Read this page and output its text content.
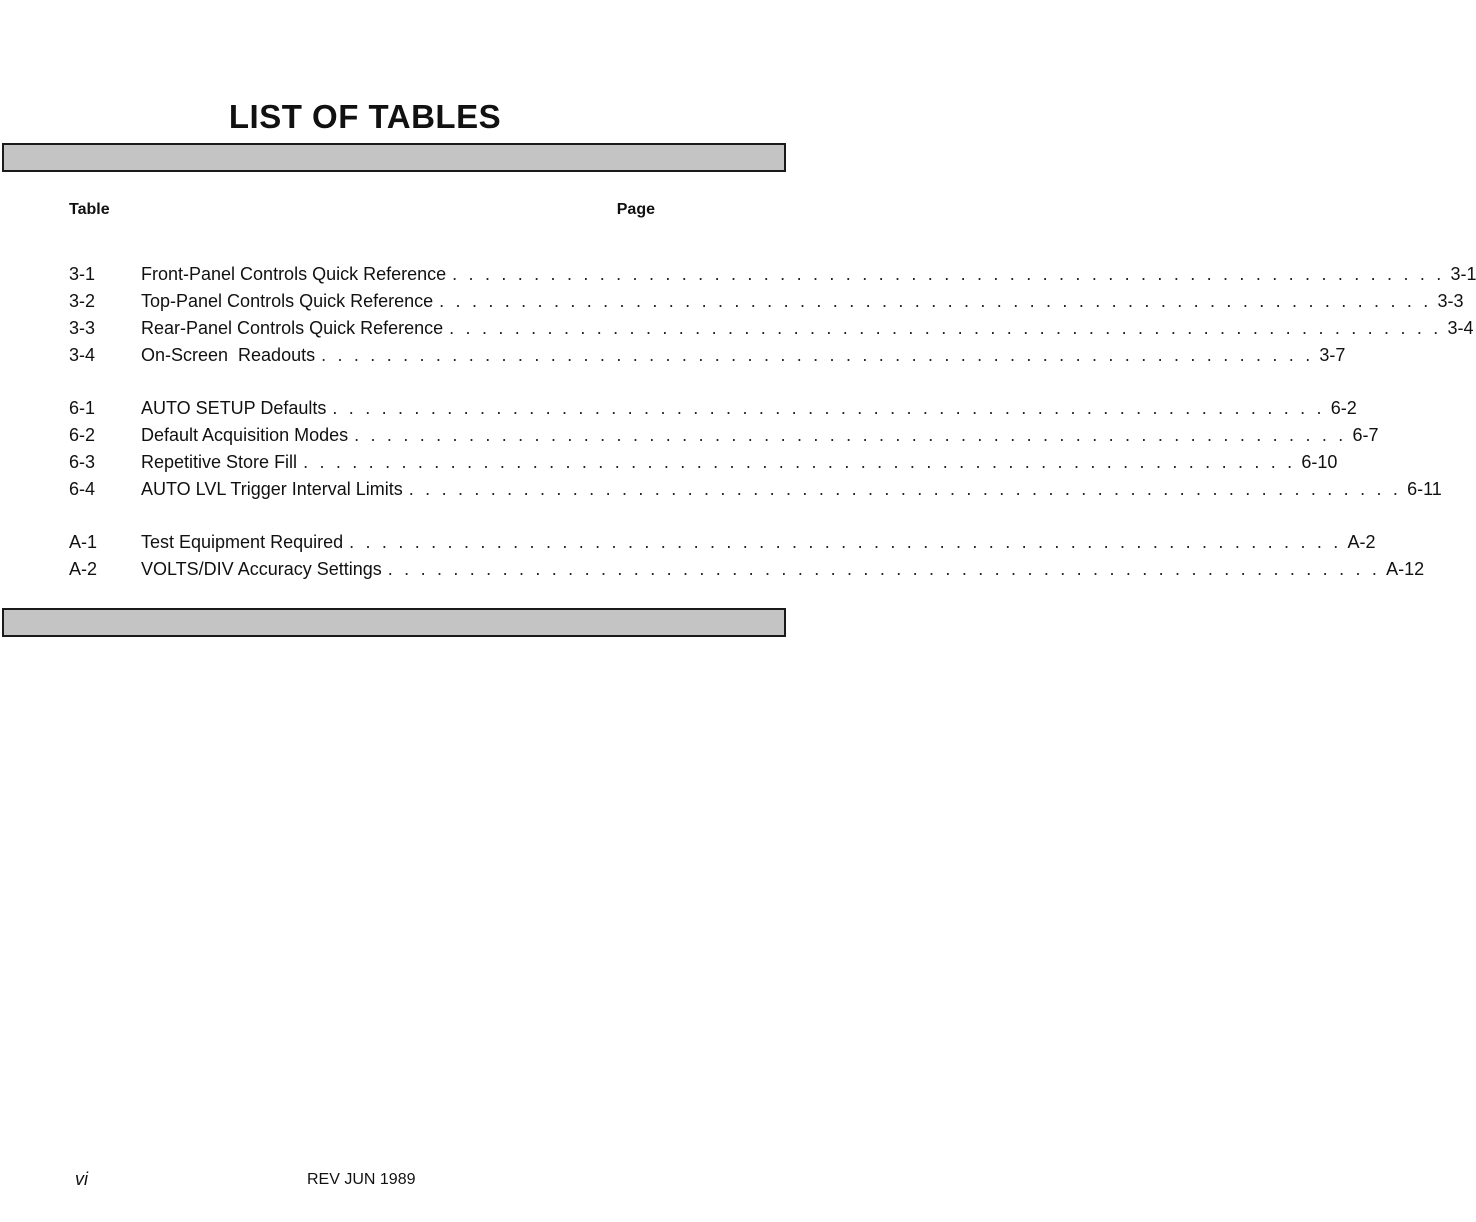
LIST OF TABLES
Table	Page
3-1	Front-Panel Controls Quick Reference . . . . . . . . . . . . . . . . . . . . . . . . . . . . . . . . . . . . . . . . . . . . . . . . . . . . . . . . . . . . . 3-1
3-2	Top-Panel Controls Quick Reference . . . . . . . . . . . . . . . . . . . . . . . . . . . . . . . . . . . . . . . . . . . . . . . . . . . . . . . . . . . . . 3-3
3-3	Rear-Panel Controls Quick Reference . . . . . . . . . . . . . . . . . . . . . . . . . . . . . . . . . . . . . . . . . . . . . . . . . . . . . . . . . . . . . 3-4
3-4	On-Screen  Readouts . . . . . . . . . . . . . . . . . . . . . . . . . . . . . . . . . . . . . . . . . . . . . . . . . . . . . . . . . . . . . 3-7
6-1	AUTO SETUP Defaults . . . . . . . . . . . . . . . . . . . . . . . . . . . . . . . . . . . . . . . . . . . . . . . . . . . . . . . . . . . . . 6-2
6-2	Default Acquisition Modes . . . . . . . . . . . . . . . . . . . . . . . . . . . . . . . . . . . . . . . . . . . . . . . . . . . . . . . . . . . . . 6-7
6-3	Repetitive Store Fill . . . . . . . . . . . . . . . . . . . . . . . . . . . . . . . . . . . . . . . . . . . . . . . . . . . . . . . . . . . . . 6-10
6-4	AUTO LVL Trigger Interval Limits . . . . . . . . . . . . . . . . . . . . . . . . . . . . . . . . . . . . . . . . . . . . . . . . . . . . . . . . . . . . . 6-11
A-1 Test Equipment Required . . . . . . . . . . . . . . . . . . . . . . . . . . . . . . . . . . . . . . . . . . . . . . . . . . . . . . . . . . . . . A-2
A-2 VOLTS/DIV Accuracy Settings . . . . . . . . . . . . . . . . . . . . . . . . . . . . . . . . . . . . . . . . . . . . . . . . . . . . . . . . . . . . . A-12
vi	REV JUN 1989
